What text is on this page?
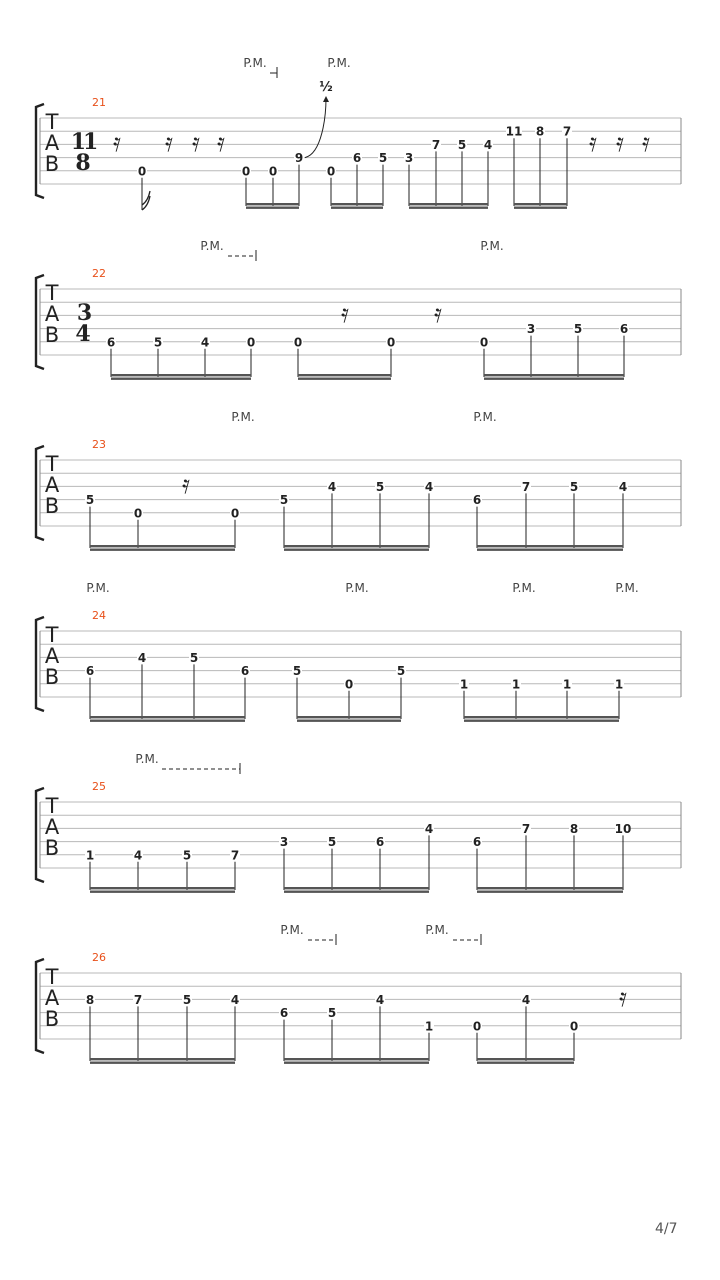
T
A
B
21
11
8
𝄿 𝄿 𝄿 𝄿	𝄿 𝄿 𝄿
0	0 0
9
0
6 5 3
7 5 4
11 8 7
P.M.	P.M.
½
T
A
B
22
3
4
𝄿	𝄿
6	5	4	0	0	0	0
3	5	6
P.M.	P.M.
T
A
B
23
𝄿
5
0	0
5
4	5	4
6
7	5	4
P.M.	P.M.
T
A
B
24
6
4	5
6	5
0
5
1	1	1	1
P.M.	P.M.	P.M.	P.M.
T
A
B
25
1	4	5	7
3	5	6
4
6
7	8	10
P.M.
T
A
B
26
𝄿
8	7	5	4
6	5
4
1	0
4
0
P.M.	P.M.
4/7
